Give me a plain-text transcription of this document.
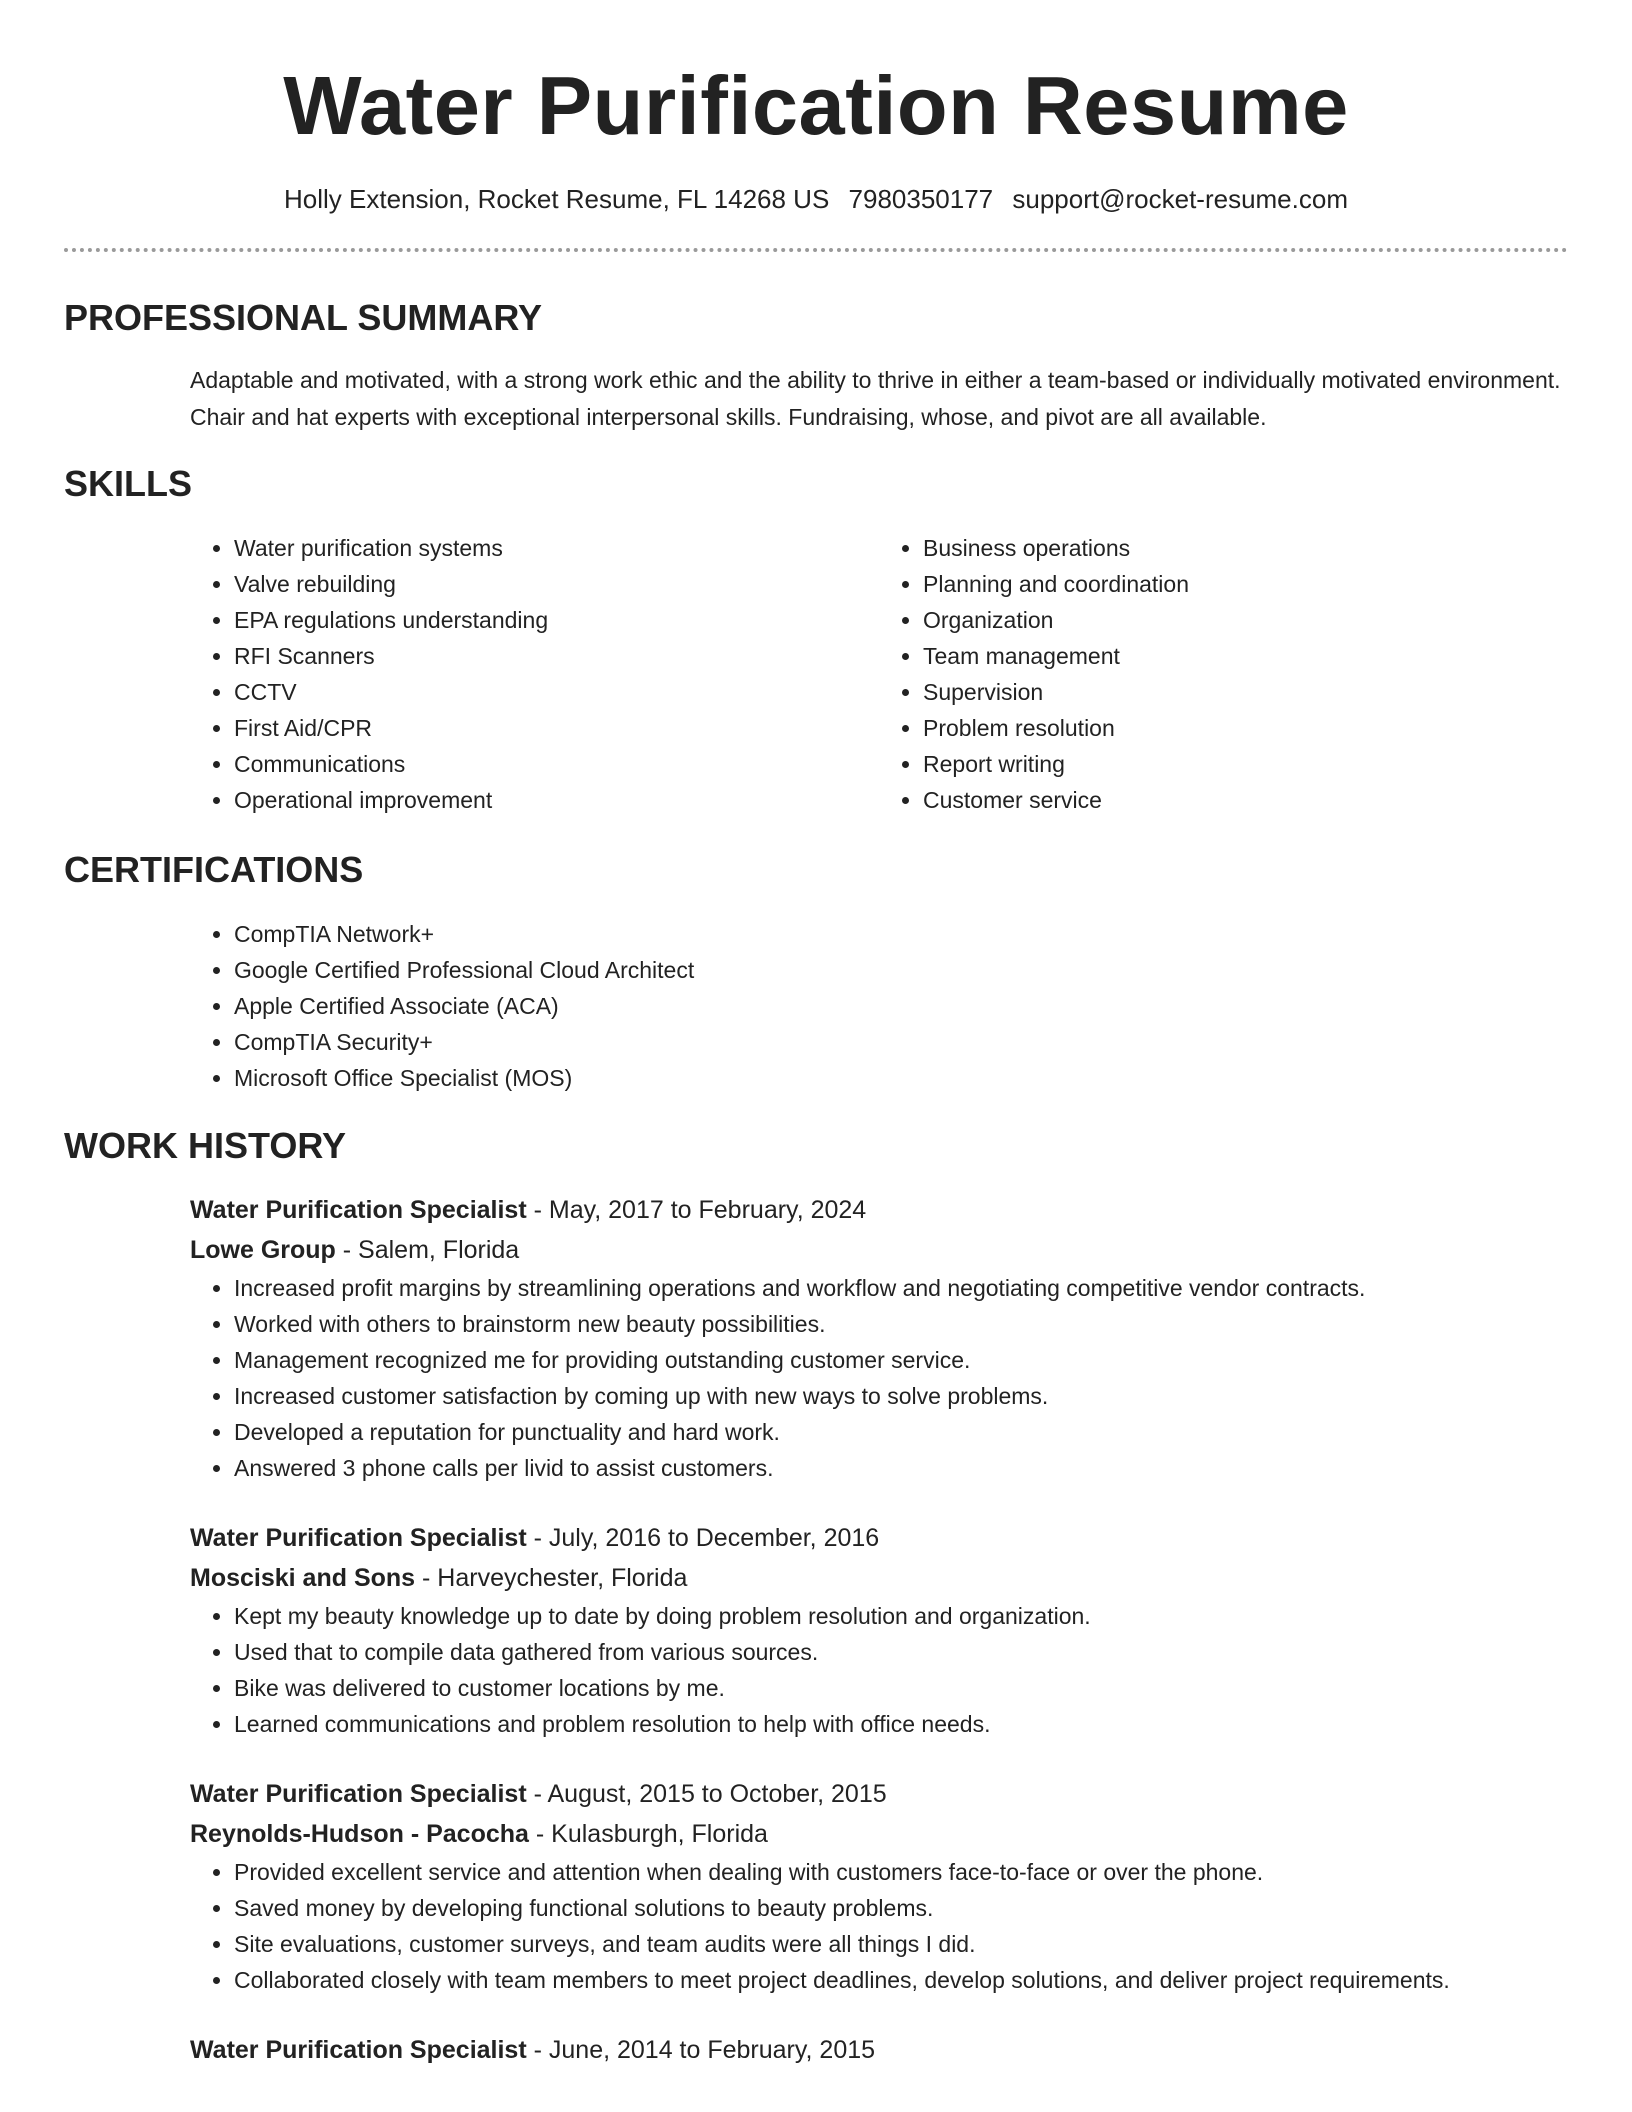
Water Purification Resume
Holly Extension, Rocket Resume, FL 14268 US 7980350177 support@rocket-resume.com
PROFESSIONAL SUMMARY

Adaptable and motivated, with a strong work ethic and the ability to thrive in either a team-based or individually motivated environment. Chair and hat experts with exceptional interpersonal skills. Fundraising, whose, and pivot are all available.

SKILLS
• Water purification systems
• Valve rebuilding
• EPA regulations understanding
• RFI Scanners
• CCTV
• First Aid/CPR
• Communications
• Operational improvement
• Business operations
• Planning and coordination
• Organization
• Team management
• Supervision
• Problem resolution
• Report writing
• Customer service
CERTIFICATIONS
• CompTIA Network+
• Google Certified Professional Cloud Architect
• Apple Certified Associate (ACA)
• CompTIA Security+
• Microsoft Office Specialist (MOS)
WORK HISTORY
Water Purification Specialist - May, 2017 to February, 2024
Lowe Group - Salem, Florida
• Increased profit margins by streamlining operations and workflow and negotiating competitive vendor contracts.
• Worked with others to brainstorm new beauty possibilities.
• Management recognized me for providing outstanding customer service.
• Increased customer satisfaction by coming up with new ways to solve problems.
• Developed a reputation for punctuality and hard work.
• Answered 3 phone calls per livid to assist customers.
Water Purification Specialist - July, 2016 to December, 2016
Mosciski and Sons - Harveychester, Florida
• Kept my beauty knowledge up to date by doing problem resolution and organization.
• Used that to compile data gathered from various sources.
• Bike was delivered to customer locations by me.
• Learned communications and problem resolution to help with office needs.
Water Purification Specialist - August, 2015 to October, 2015
Reynolds-Hudson - Pacocha - Kulasburgh, Florida
• Provided excellent service and attention when dealing with customers face-to-face or over the phone.
• Saved money by developing functional solutions to beauty problems.
• Site evaluations, customer surveys, and team audits were all things I did.
• Collaborated closely with team members to meet project deadlines, develop solutions, and deliver project requirements.
Water Purification Specialist - June, 2014 to February, 2015
